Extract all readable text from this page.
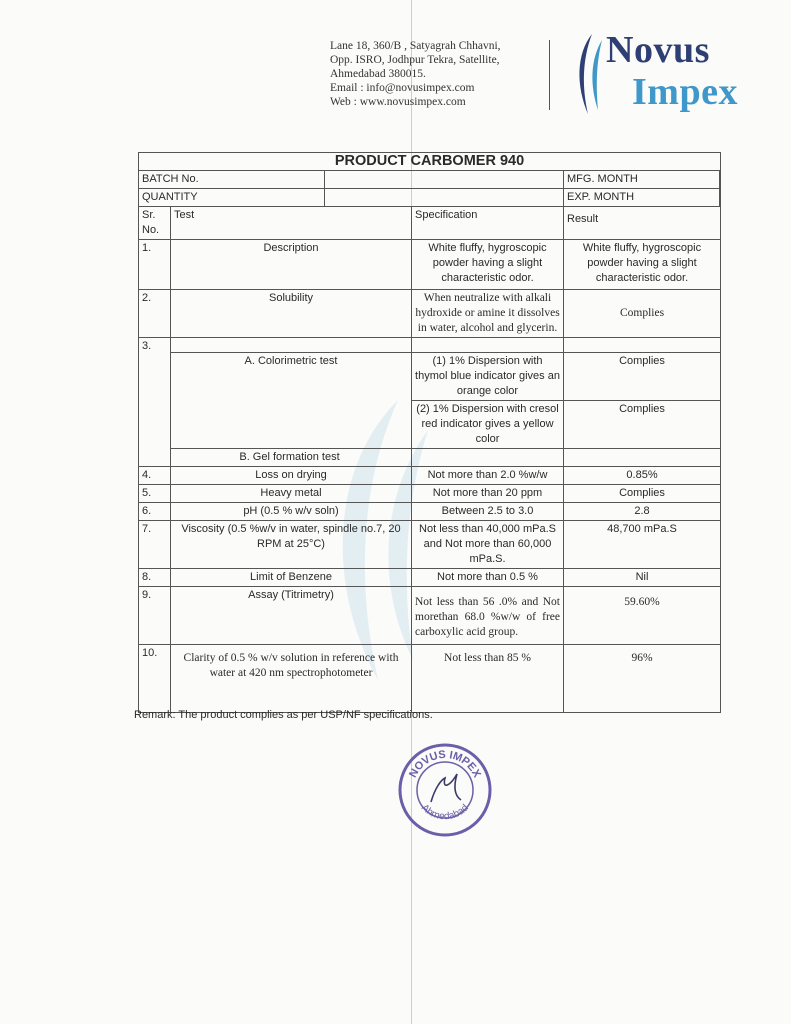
Lane 18, 360/B , Satyagrah Chhavni,
Opp. ISRO, Jodhpur Tekra, Satellite,
Ahmedabad 380015.
Email : info@novusimpex.com
Web : www.novusimpex.com
Novus
Impex
PRODUCT CARBOMER 940				
BATCH No.				MFG. MONTH

QUANTITY				EXP. MONTH

Sr. No.	Test		Specification	Result
1.	Description		White fluffy, hygroscopic powder having a slight characteristic odor.	White fluffy, hygroscopic powder having a slight characteristic odor.
2.	Solubility		When neutralize with alkali hydroxide or amine it dissolves in water, alcohol and glycerin.	Complies
3.				
	A. Colorimetric test		(1) 1% Dispersion with thymol blue indicator gives an orange color	Complies
			(2) 1% Dispersion with cresol red indicator gives a yellow color	Complies
	B. Gel formation test			
4.	Loss on drying		Not more than 2.0 %w/w	0.85%
5.	Heavy metal		Not more than 20 ppm	Complies
6.	pH (0.5 % w/v soln)		Between 2.5 to 3.0	2.8
7.	Viscosity (0.5 %w/v in water, spindle no.7, 20 RPM at 25°C)		Not less than 40,000 mPa.S and Not more than 60,000 mPa.S.	48,700 mPa.S
8.	Limit of Benzene		Not more than 0.5 %	Nil
9.	Assay (Titrimetry)		Not less than 56 .0% and Not morethan 68.0 %w/w of free carboxylic acid group.	59.60%
10.	Clarity of 0.5 % w/v solution in reference with water at 420 nm spectrophotometer		Not less than 85 %	96%
Remark: The product complies as per USP/NF specifications.
NOVUS IMPEX
Ahmedabad
